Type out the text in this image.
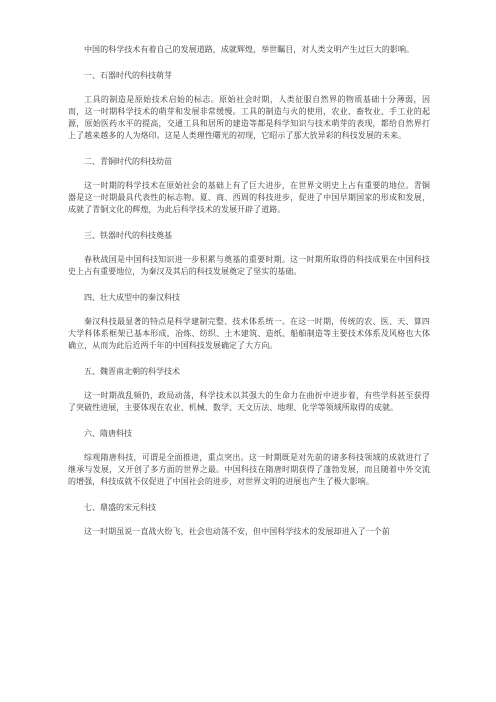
中国的科学技术有着自己的发展道路，成就辉煌，举世瞩目，对人类文明产生过巨大的影响。

一、石器时代的科技萌芽

工具的制造是原始技术启始的标志。原始社会时期，人类征服自然界的物质基础十分薄弱，因而，这一时期科学技术的萌芽和发展非常缓慢。工具的制造与火的使用，农业、畜牧业、手工业的起源，原始医药水平的提高，交通工具和居所的建造等都是科学知识与技术萌芽的表现，都给自然界打上了越来越多的人为烙印。这是人类理性曙光的初现，它昭示了那大放异彩的科技发展的未来。

二、青铜时代的科技幼苗

这一时期的科学技术在原始社会的基础上有了巨大进步，在世界文明史上占有重要的地位。青铜器是这一时期最具代表性的标志物。夏、商、西周的科技进步，促进了中国早期国家的形成和发展，成就了青铜文化的辉煌，为此后科学技术的发展开辟了道路。

三、铁器时代的科技奠基

春秋战国是中国科技知识进一步积累与奠基的重要时期。这一时期所取得的科技成果在中国科技史上占有重要地位，为秦汉及其后的科技发展奠定了坚实的基础。

四、壮大成型中的秦汉科技

秦汉科技最显著的特点是科学建制完整、技术体系统一。在这一时期，传统的农、医、天、算四大学科体系框架已基本形成，冶炼、纺织、土木建筑、造纸、船舶制造等主要技术体系及风格也大体确立，从而为此后近两千年的中国科技发展确定了大方向。

五、魏晋南北朝的科学技术

这一时期战乱频仍，政局动荡，科学技术以其强大的生命力在曲折中进步着，有些学科甚至获得了突破性进展，主要体现在农业、机械、数学、天文历法、地理、化学等领域所取得的成就。

六、隋唐科技

综观隋唐科技，可谓是全面推进，重点突出。这一时期既是对先前的诸多科技领域的成就进行了继承与发展，又开创了多方面的世界之最。中国科技在隋唐时期获得了蓬勃发展，而且随着中外交流的增强，科技成就不仅促进了中国社会的进步，对世界文明的进展也产生了极大影响。

七、鼎盛的宋元科技

这一时期虽说一直战火纷飞，社会也动荡不安，但中国科学技术的发展却进入了一个前
